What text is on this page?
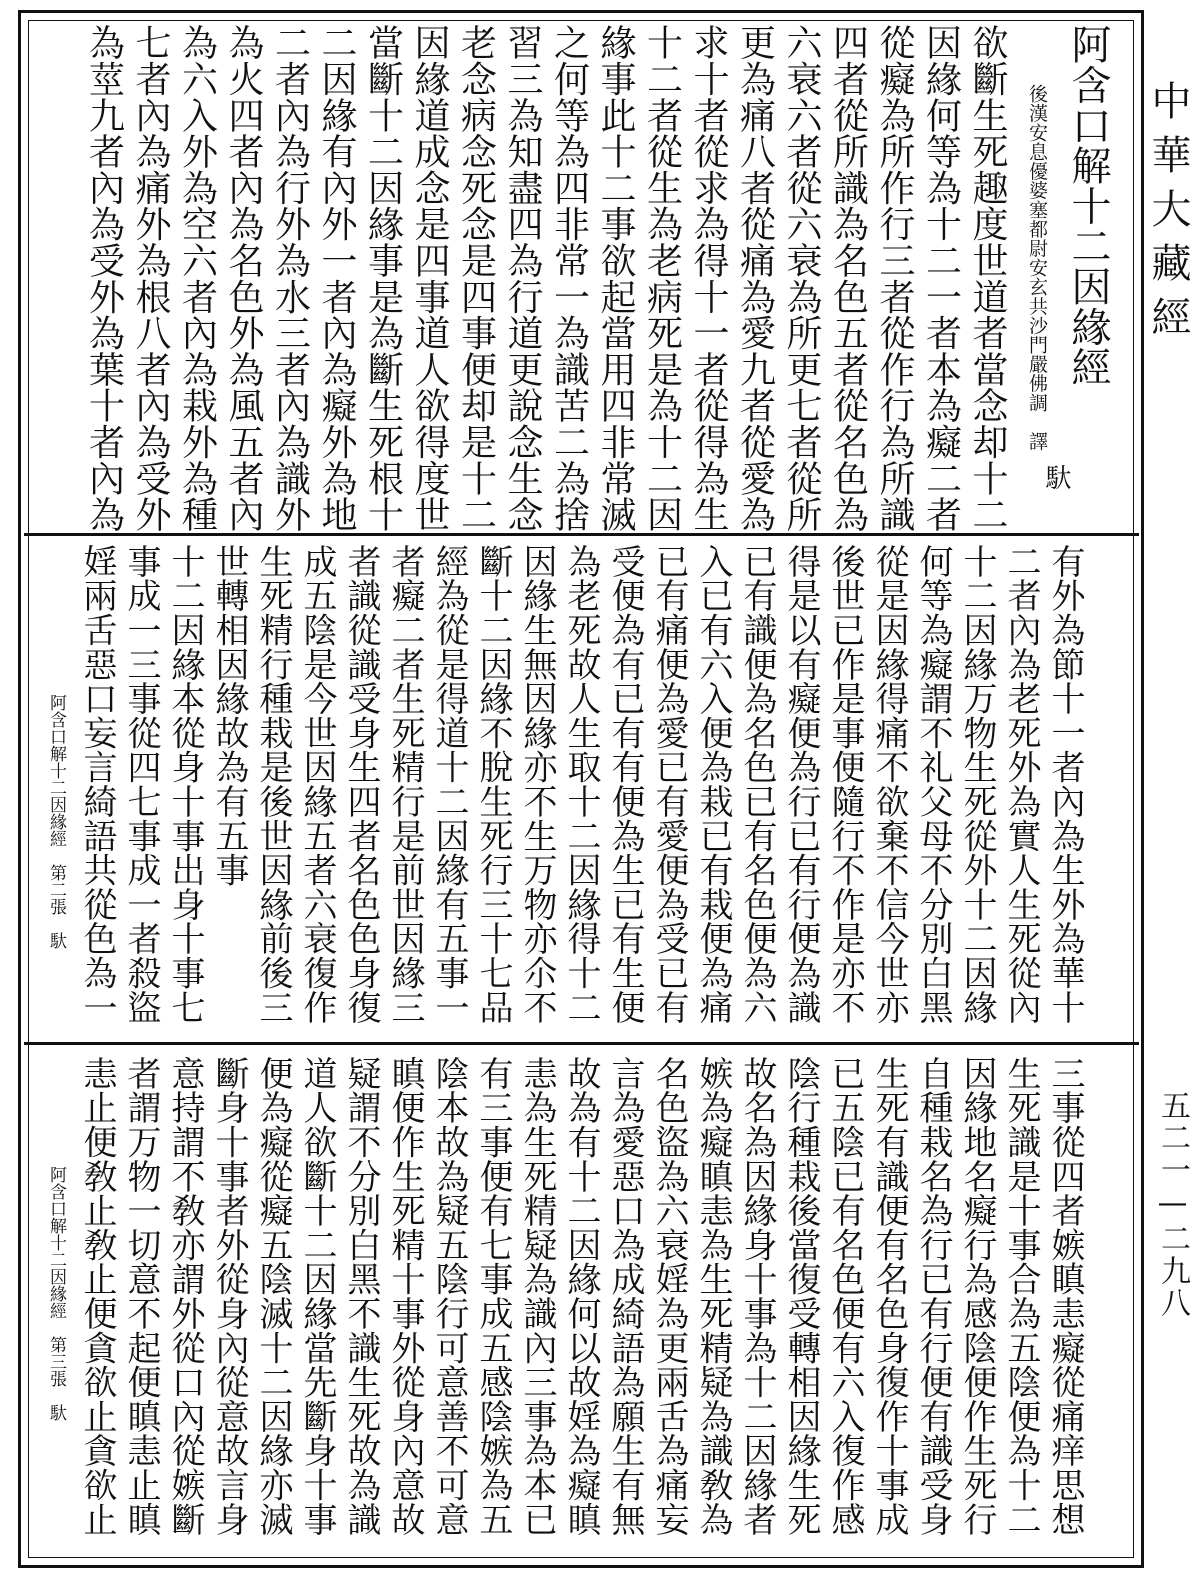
中華大藏經
五二一—二九八
阿含口解十二因緣經
後漢安息優婆塞都尉安玄共沙門嚴佛調　譯
馱
欲斷生死趣度世道者當念却十二
因緣何等為十二一者本為癡二者
從癡為所作行三者從作行為所識
四者從所識為名色五者從名色為
六衰六者從六衰為所更七者從所
更為痛八者從痛為愛九者從愛為
求十者從求為得十一者從得為生
十二者從生為老病死是為十二因
緣事此十二事欲起當用四非常滅
之何等為四非常一為識苦二為捨
習三為知盡四為行道更說念生念
老念病念死念是四事便却是十二
因緣道成念是四事道人欲得度世
當斷十二因緣事是為斷生死根十
二因緣有內外一者內為癡外為地
二者內為行外為水三者內為識外
為火四者內為名色外為風五者內
為六入外為空六者內為栽外為種
七者內為痛外為根八者內為受外
為莖九者內為受外為葉十者內為
有外為節十一者內為生外為華十
二者內為老死外為實人生死從內
十二因緣万物生死從外十二因緣
何等為癡謂不礼父母不分別白黑
從是因緣得痛不欲棄不信今世亦
後世已作是事便隨行不作是亦不
得是以有癡便為行已有行便為識
已有識便為名色已有名色便為六
入已有六入便為栽已有栽便為痛
已有痛便為愛已有愛便為受已有
受便為有已有有便為生已有生便
為老死故人生取十二因緣得十二
因緣生無因緣亦不生万物亦尒不
斷十二因緣不脫生死行三十七品
經為從是得道十二因緣有五事一
者癡二者生死精行是前世因緣三
者識從識受身生四者名色色身復
成五陰是今世因緣五者六衰復作
生死精行種栽是後世因緣前後三
世轉相因緣故為有五事
十二因緣本從身十事出身十事七
事成一三事從四七事成一者殺盜
婬兩舌惡口妄言綺語共從色為一
阿含口解十二因緣經　第二張　馱
三事從四者嫉瞋恚癡從痛痒思想
生死識是十事合為五陰便為十二
因緣地名癡行為感陰便作生死行
自種栽名為行已有行便有識受身
生死有識便有名色身復作十事成
已五陰已有名色便有六入復作感
陰行種栽後當復受轉相因緣生死
故名為因緣身十事為十二因緣者
嫉為癡瞋恚為生死精疑為識敎為
名色盜為六衰婬為更兩舌為痛妄
言為愛惡口為成綺語為願生有無
故為有十二因緣何以故婬為癡瞋
恚為生死精疑為識內三事為本已
有三事便有七事成五感陰嫉為五
陰本故為疑五陰行可意善不可意
瞋便作生死精十事外從身內意故
疑謂不分別白黑不識生死故為識
道人欲斷十二因緣當先斷身十事
便為癡從癡五陰滅十二因緣亦滅
斷身十事者外從身內從意故言身
意持謂不敎亦謂外從口內從嫉斷
者謂万物一切意不起便瞋恚止瞋
恚止便敎止敎止便貪欲止貪欲止
阿含口解十二因緣經　第三張　馱
